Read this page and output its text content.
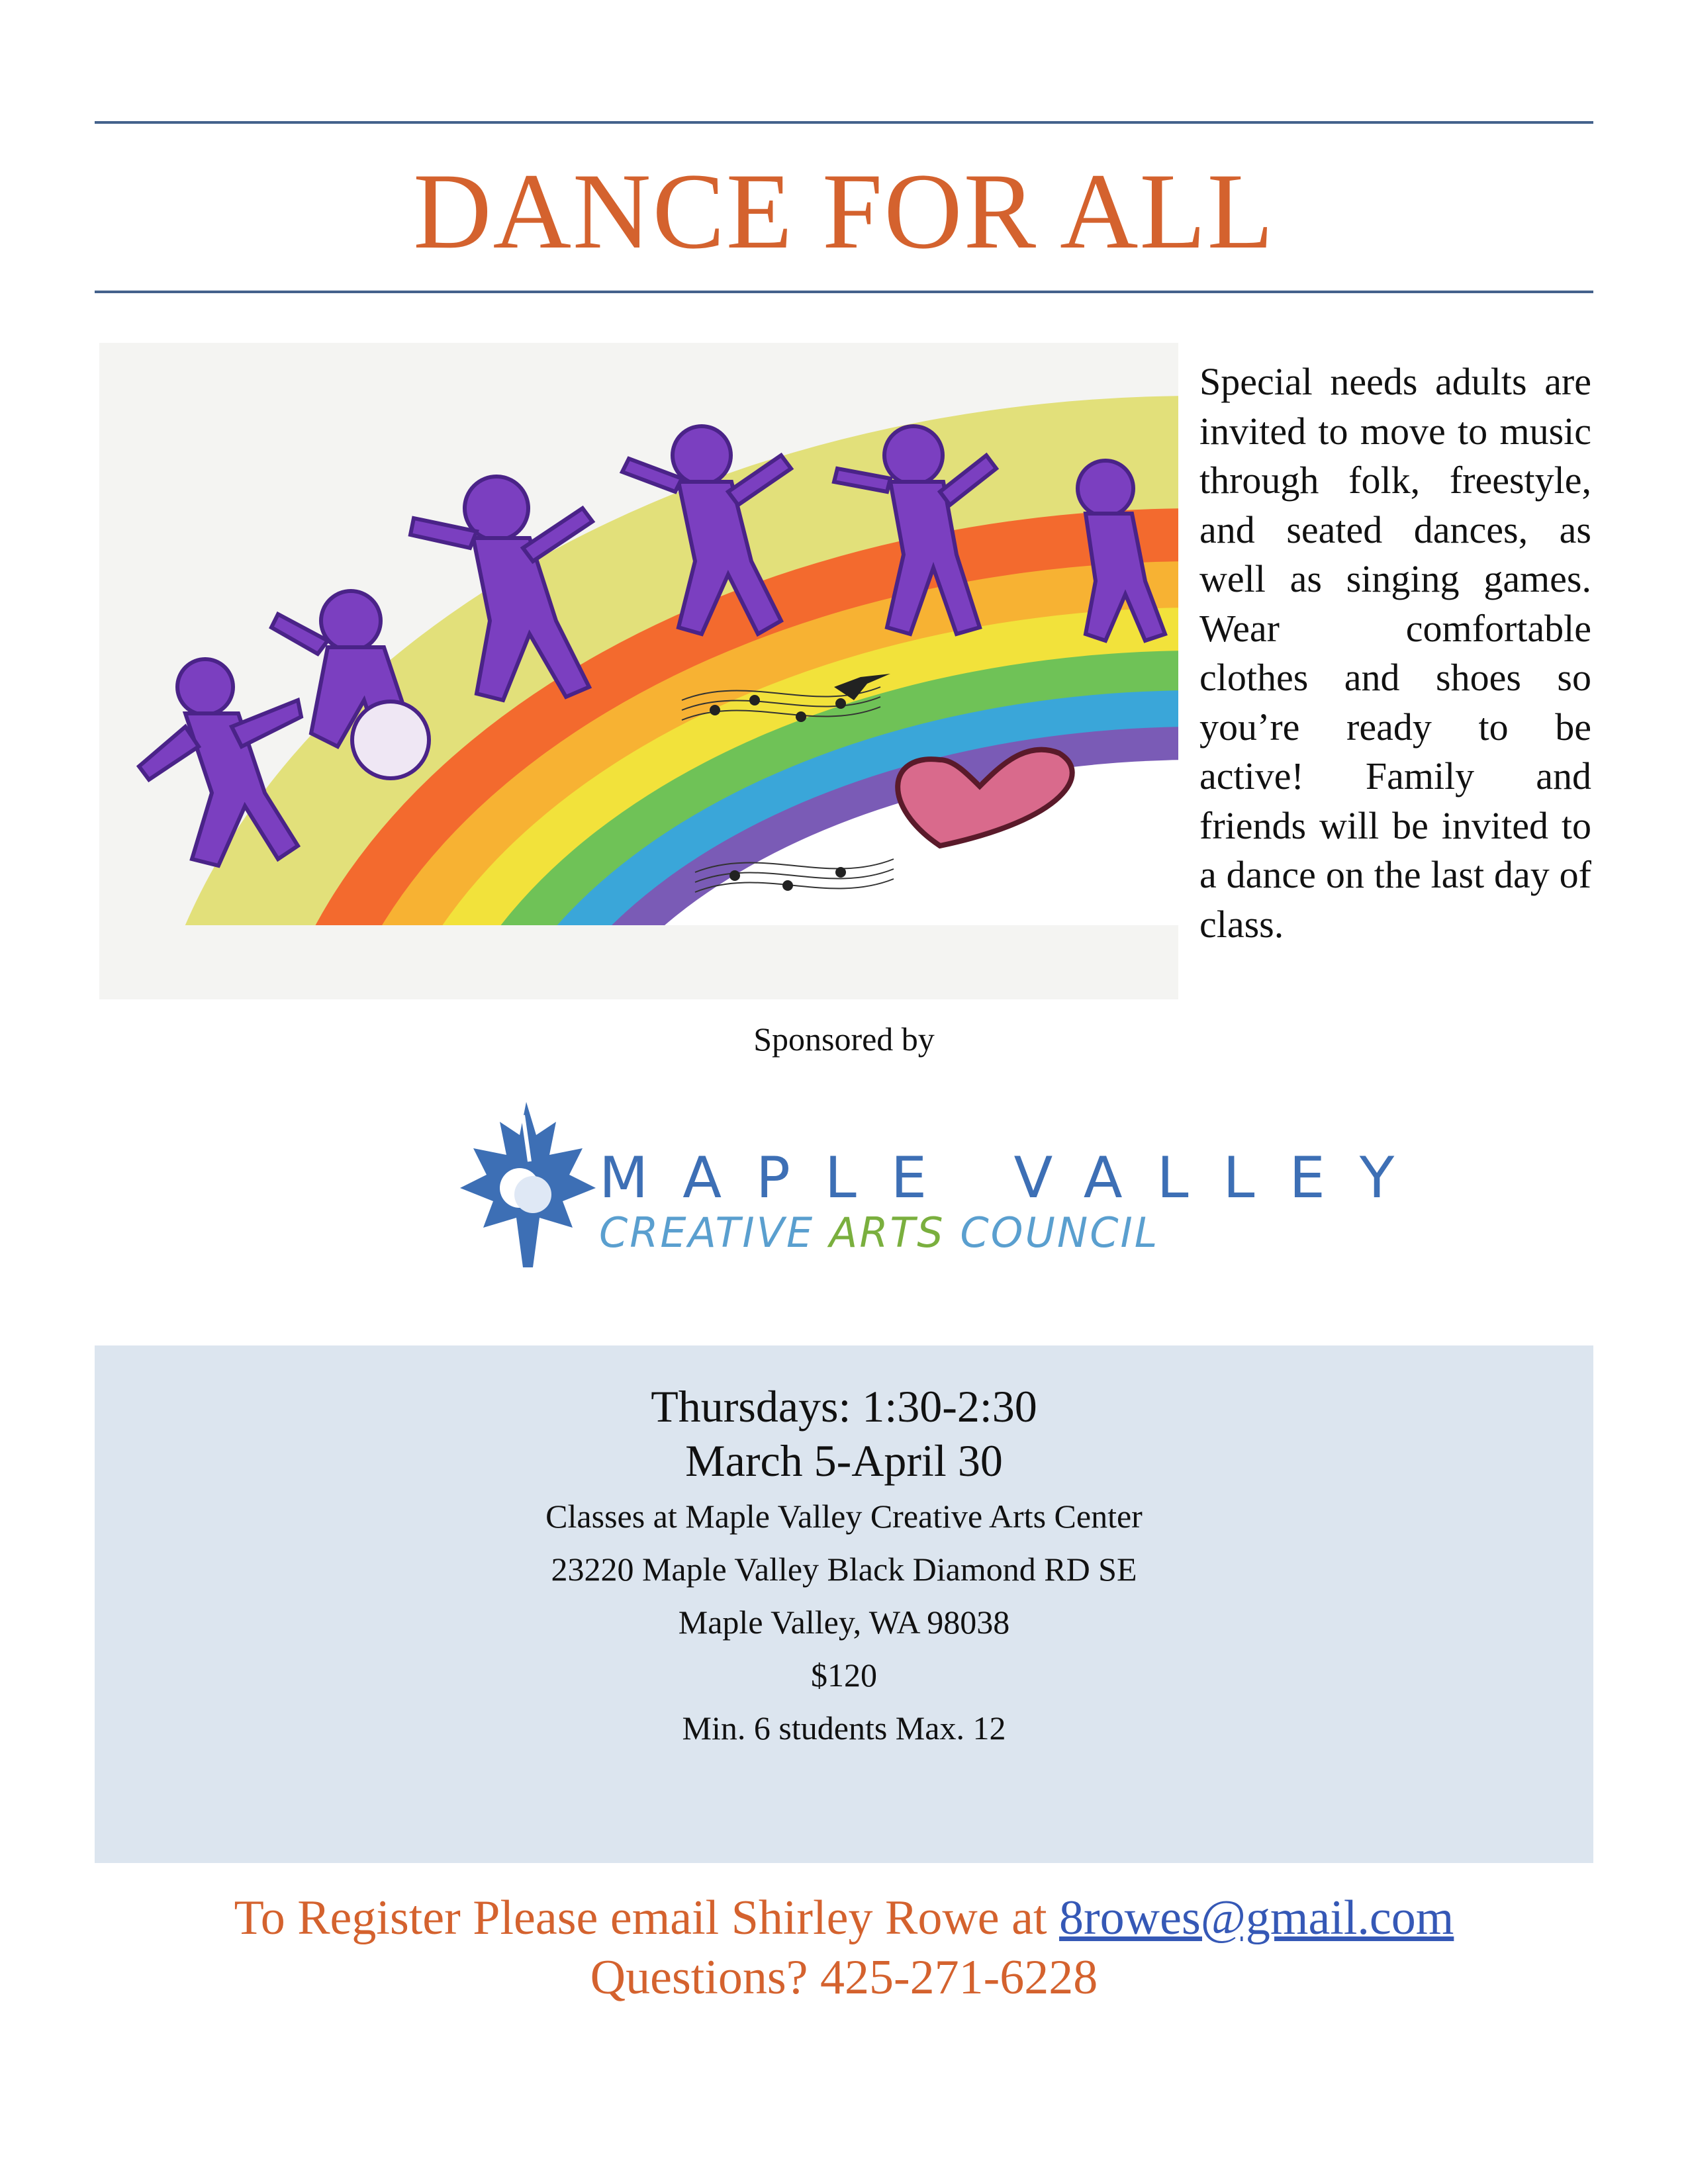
DANCE FOR ALL
Special needs adults are invited to move to music through folk, freestyle, and seated dances, as well as singing games. Wear comfortable clothes and shoes so you’re ready to be active! Family and friends will be invited to a dance on the last day of class.
Sponsored by
MAPLE VALLEY
CREATIVE ARTS COUNCIL
Thursdays: 1:30-2:30
March 5-April 30
Classes at Maple Valley Creative Arts Center
23220 Maple Valley Black Diamond RD SE
Maple Valley, WA 98038
$120
Min. 6 students Max. 12
To Register Please email Shirley Rowe at 8rowes@gmail.com
Questions? 425-271-6228
